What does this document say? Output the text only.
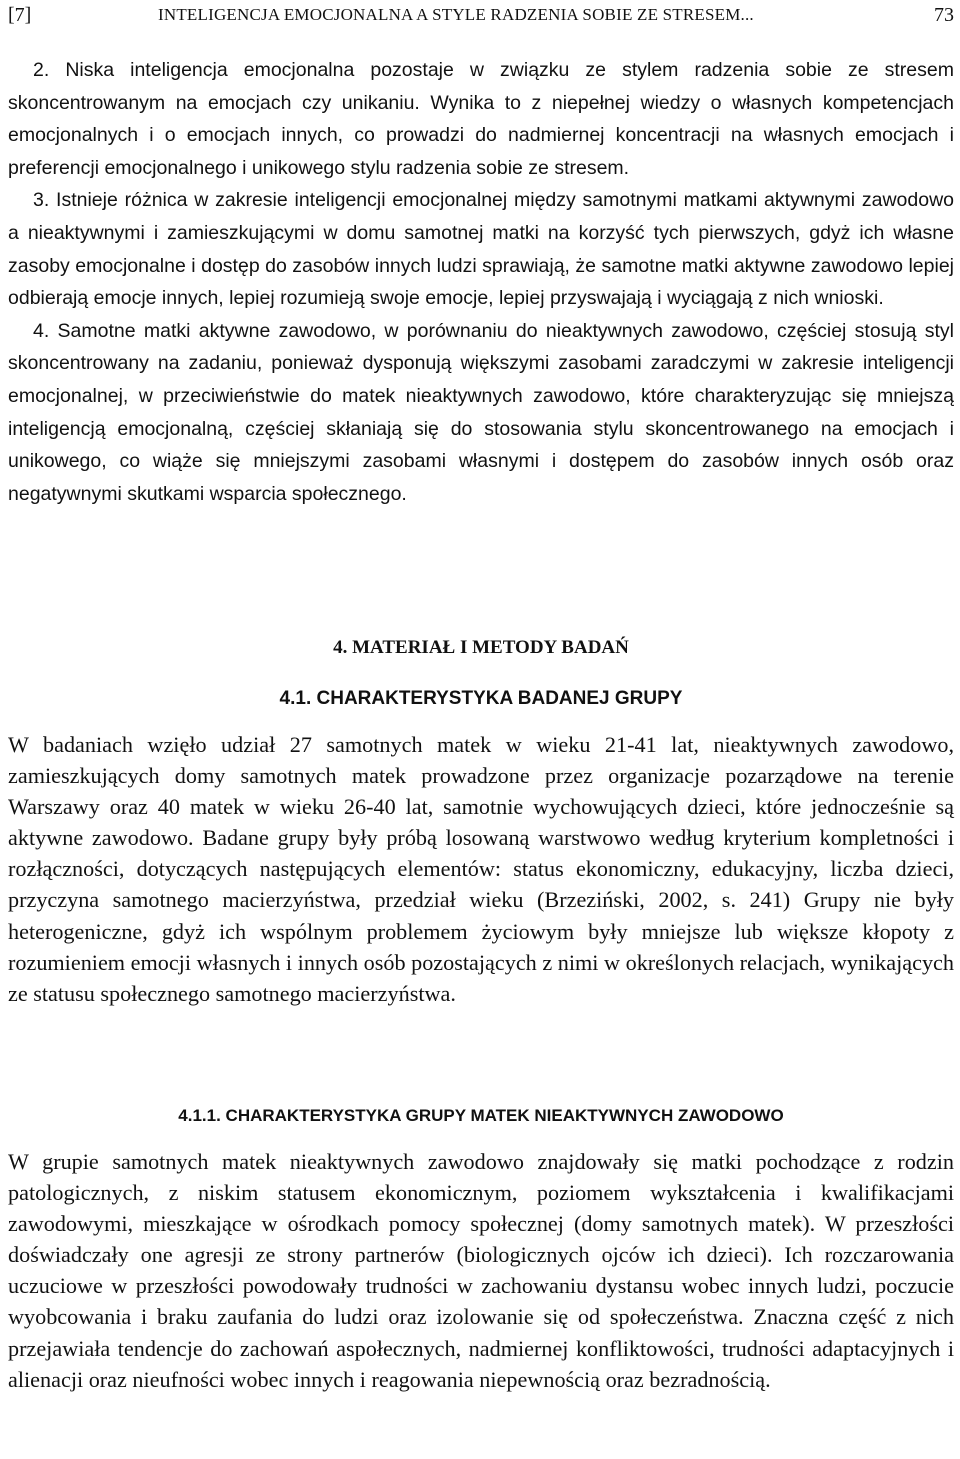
[7]	INTELIGENCJA EMOCJONALNA A STYLE RADZENIA SOBIE ZE STRESEM...	73

2. Niska inteligencja emocjonalna pozostaje w związku ze stylem radzenia sobie ze stresem skoncentrowanym na emocjach czy unikaniu. Wynika to z niepełnej wiedzy o własnych kompetencjach emocjonalnych i o emocjach innych, co prowadzi do nadmiernej koncentracji na własnych emocjach i preferencji emocjonalnego i unikowego stylu radzenia sobie ze stresem.

3. Istnieje różnica w zakresie inteligencji emocjonalnej między samotnymi matkami aktywnymi zawodowo a nieaktywnymi i zamieszkującymi w domu samotnej matki na korzyść tych pierwszych, gdyż ich własne zasoby emocjonalne i dostęp do zasobów innych ludzi sprawiają, że samotne matki aktywne zawodowo lepiej odbierają emocje innych, lepiej rozumieją swoje emocje, lepiej przyswajają i wyciągają z nich wnioski.

4. Samotne matki aktywne zawodowo, w porównaniu do nieaktywnych zawodowo, częściej stosują styl skoncentrowany na zadaniu, ponieważ dysponują większymi zasobami zaradczymi w zakresie inteligencji emocjonalnej, w przeciwieństwie do matek nieaktywnych zawodowo, które charakteryzując się mniejszą inteligencją emocjonalną, częściej skłaniają się do stosowania stylu skoncentrowanego na emocjach i unikowego, co wiąże się mniejszymi zasobami własnymi i dostępem do zasobów innych osób oraz negatywnymi skutkami wsparcia społecznego.

4. MATERIAŁ I METODY BADAŃ
4.1. CHARAKTERYSTYKA BADANEJ GRUPY

W badaniach wzięło udział 27 samotnych matek w wieku 21-41 lat, nieaktywnych zawodowo, zamieszkujących domy samotnych matek prowadzone przez organizacje pozarządowe na terenie Warszawy oraz 40 matek w wieku 26-40 lat, samotnie wychowujących dzieci, które jednocześnie są aktywne zawodowo. Badane grupy były próbą losowaną warstwowo według kryterium kompletności i rozłączności, dotyczących następujących elementów: status ekonomiczny, edukacyjny, liczba dzieci, przyczyna samotnego macierzyństwa, przedział wieku (Brzeziński, 2002, s. 241) Grupy nie były heterogeniczne, gdyż ich wspólnym problemem życiowym były mniejsze lub większe kłopoty z rozumieniem emocji własnych i innych osób pozostających z nimi w określonych relacjach, wynikających ze statusu społecznego samotnego macierzyństwa.

4.1.1. CHARAKTERYSTYKA GRUPY MATEK NIEAKTYWNYCH ZAWODOWO

W grupie samotnych matek nieaktywnych zawodowo znajdowały się matki pochodzące z rodzin patologicznych, z niskim statusem ekonomicznym, poziomem wykształcenia i kwalifikacjami zawodowymi, mieszkające w ośrodkach pomocy społecznej (domy samotnych matek). W przeszłości doświadczały one agresji ze strony partnerów (biologicznych ojców ich dzieci). Ich rozczarowania uczuciowe w przeszłości powodowały trudności w zachowaniu dystansu wobec innych ludzi, poczucie wyobcowania i braku zaufania do ludzi oraz izolowanie się od społeczeństwa. Znaczna część z nich przejawiała tendencje do zachowań aspołecznych, nadmiernej konfliktowości, trudności adaptacyjnych i alienacji oraz nieufności wobec innych i reagowania niepewnością oraz bezradnością.
